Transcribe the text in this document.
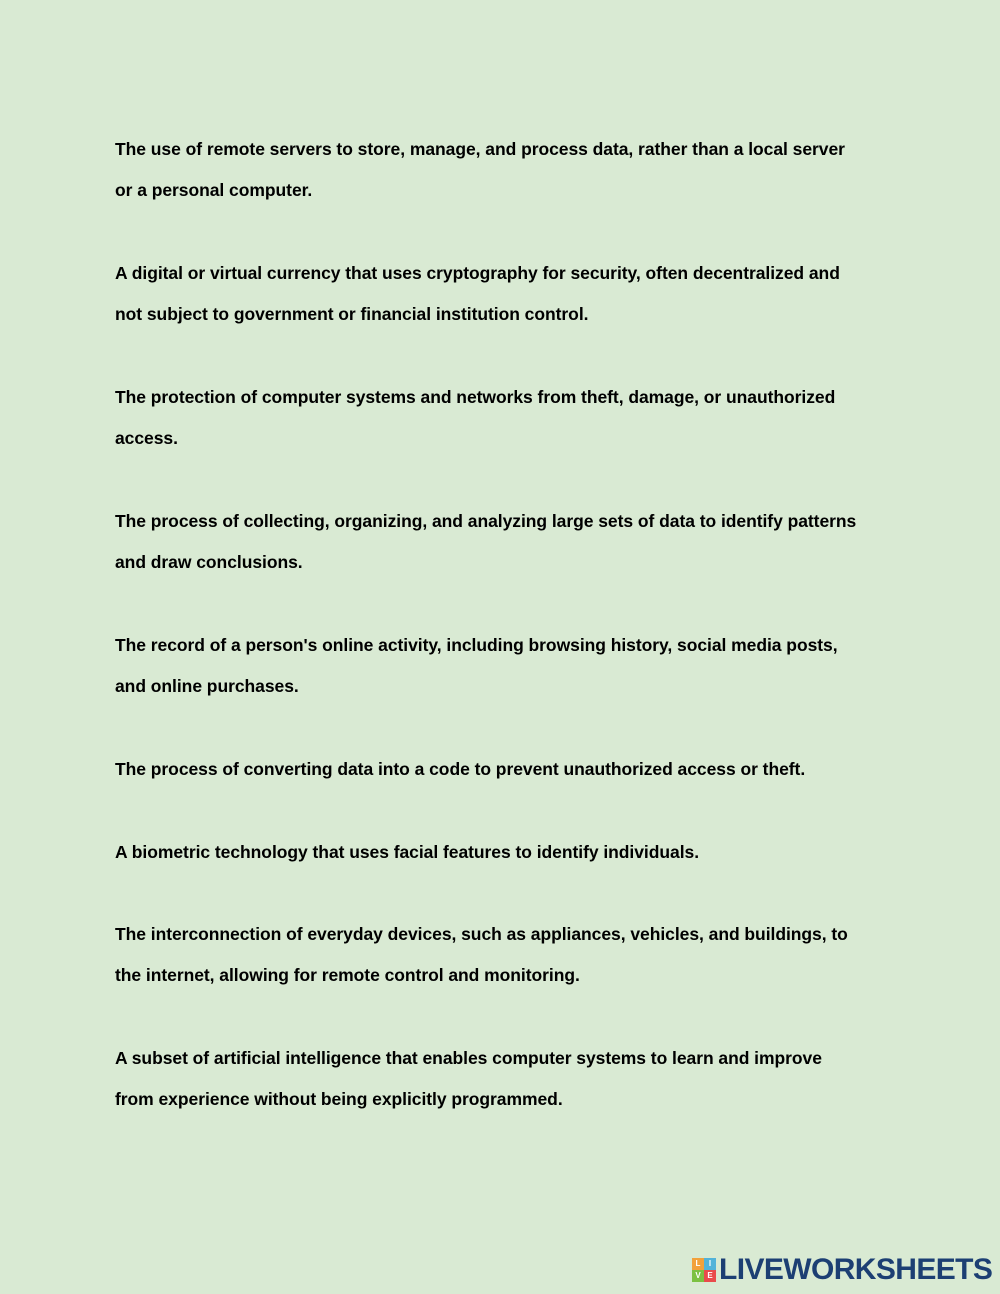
The use of remote servers to store, manage, and process data, rather than a local server
or a personal computer.

A digital or virtual currency that uses cryptography for security, often decentralized and
not subject to government or financial institution control.

The protection of computer systems and networks from theft, damage, or unauthorized
access.

The process of collecting, organizing, and analyzing large sets of data to identify patterns
and draw conclusions.

The record of a person's online activity, including browsing history, social media posts,
and online purchases.

The process of converting data into a code to prevent unauthorized access or theft.

A biometric technology that uses facial features to identify individuals.

The interconnection of everyday devices, such as appliances, vehicles, and buildings, to
the internet, allowing for remote control and monitoring.

A subset of artificial intelligence that enables computer systems to learn and improve
from experience without being explicitly programmed.

L	I
V E LIVEWORKSHEETS
